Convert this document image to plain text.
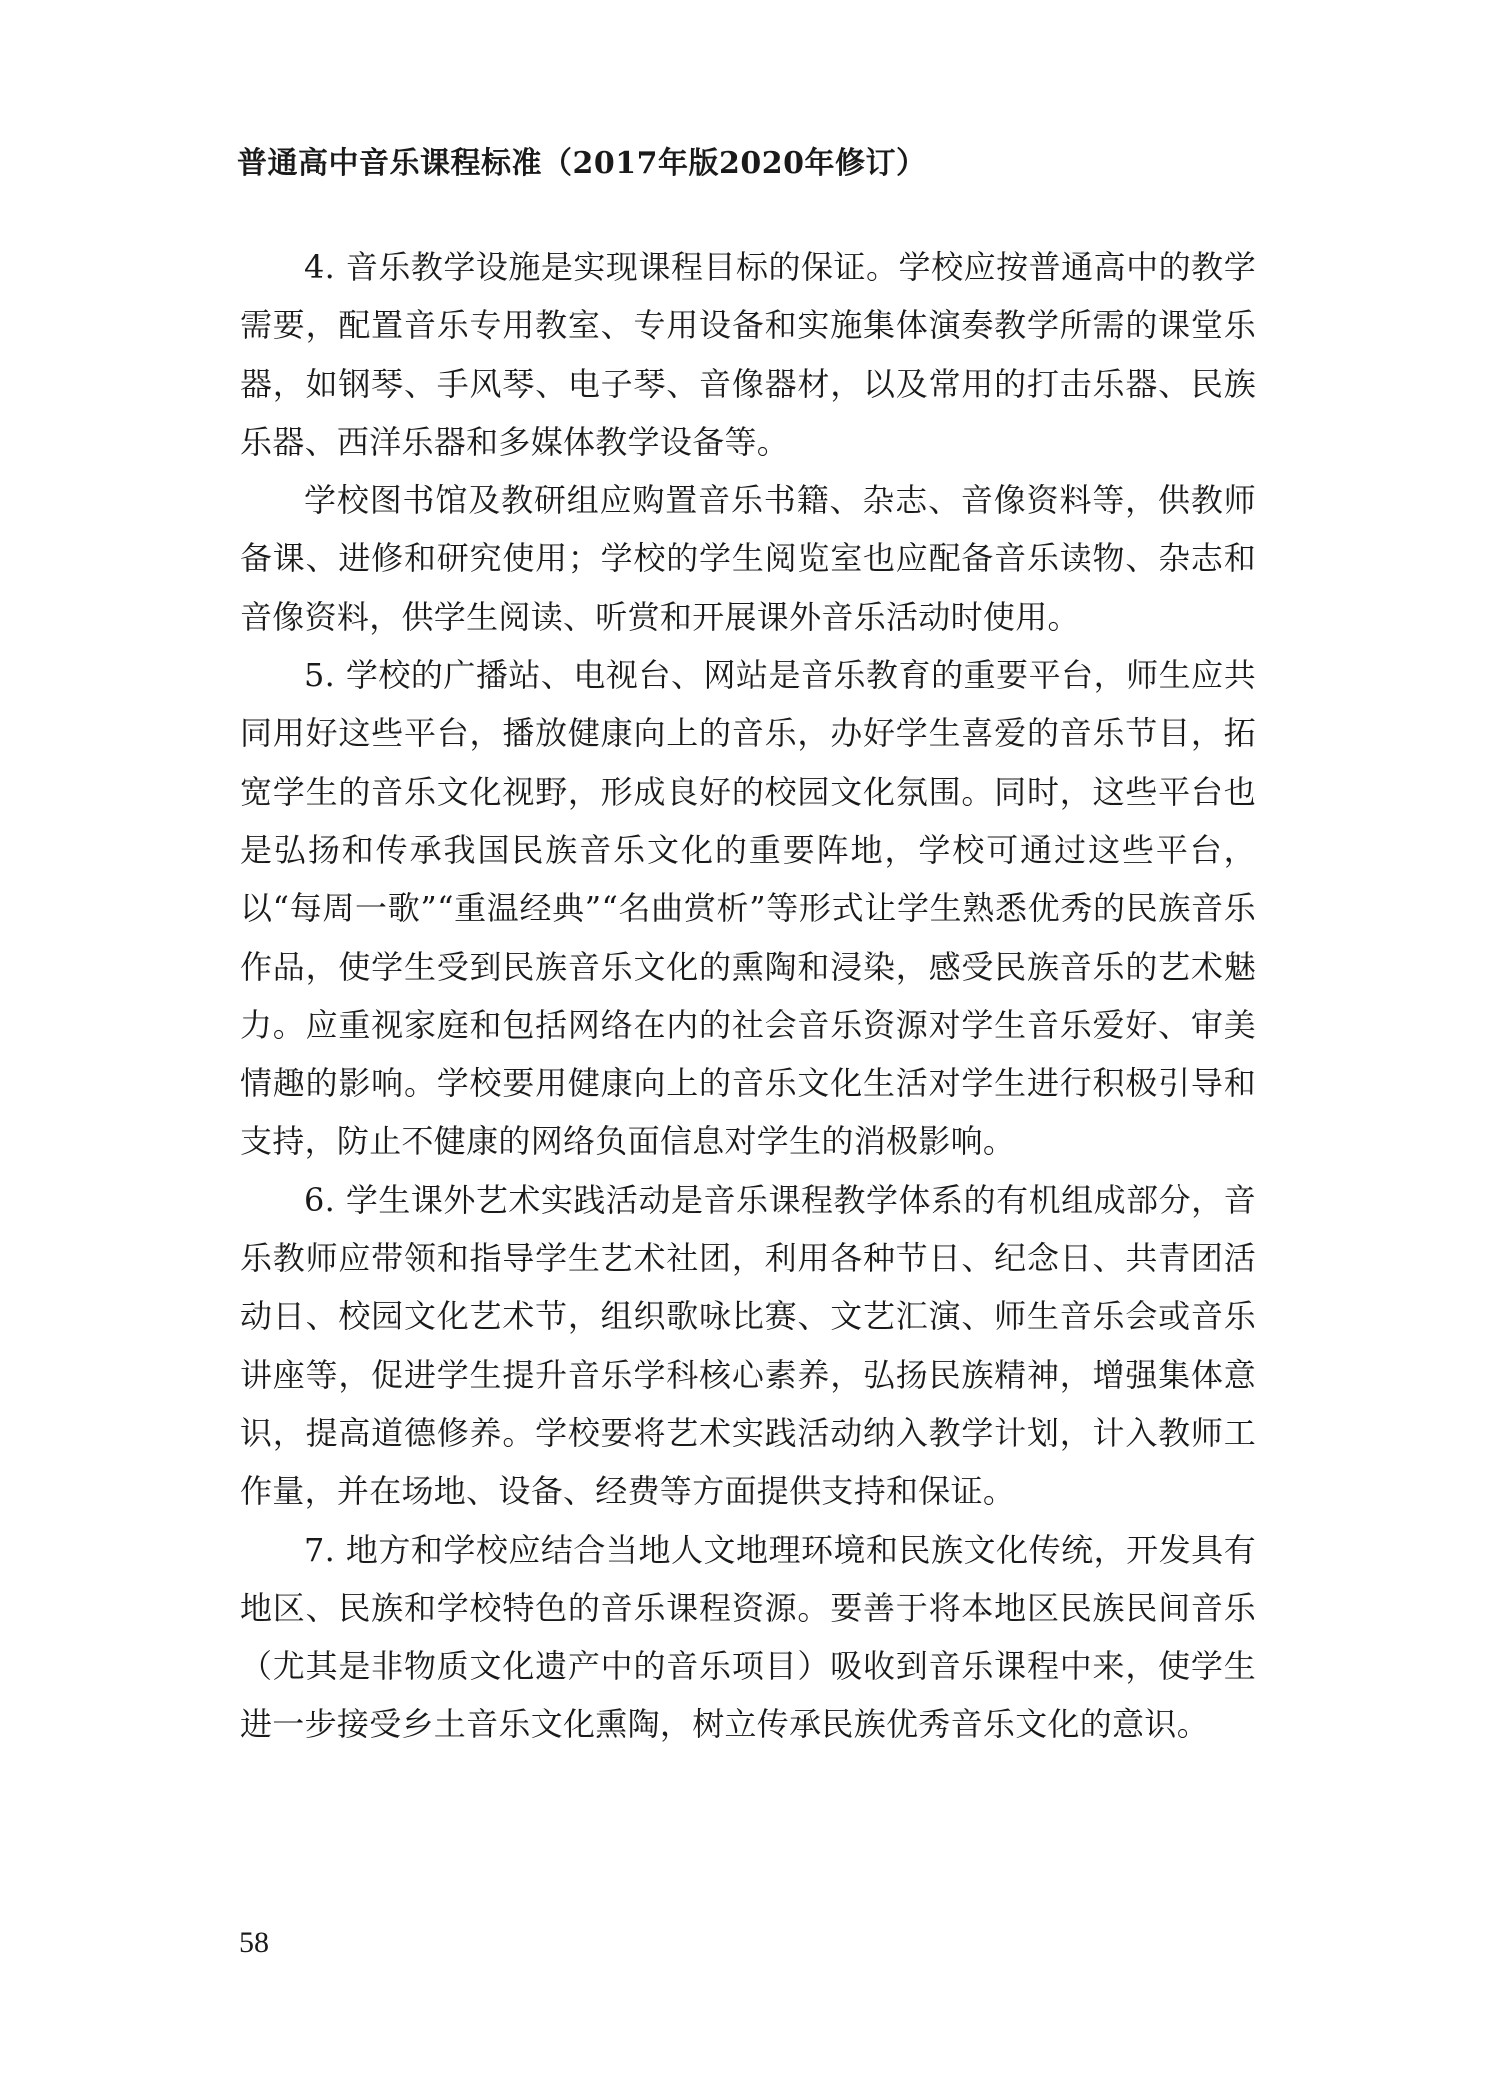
普通高中音乐课程标准（2017年版2020年修订）

4. 音乐教学设施是实现课程目标的保证。学校应按普通高中的教学需要，配置音乐专用教室、专用设备和实施集体演奏教学所需的课堂乐器，如钢琴、手风琴、电子琴、音像器材，以及常用的打击乐器、民族乐器、西洋乐器和多媒体教学设备等。

学校图书馆及教研组应购置音乐书籍、杂志、音像资料等，供教师备课、进修和研究使用；学校的学生阅览室也应配备音乐读物、杂志和音像资料，供学生阅读、听赏和开展课外音乐活动时使用。

5. 学校的广播站、电视台、网站是音乐教育的重要平台，师生应共同用好这些平台，播放健康向上的音乐，办好学生喜爱的音乐节目，拓宽学生的音乐文化视野，形成良好的校园文化氛围。同时，这些平台也是弘扬和传承我国民族音乐文化的重要阵地，学校可通过这些平台，以“每周一歌”“重温经典”“名曲赏析”等形式让学生熟悉优秀的民族音乐作品，使学生受到民族音乐文化的熏陶和浸染，感受民族音乐的艺术魅力。应重视家庭和包括网络在内的社会音乐资源对学生音乐爱好、审美情趣的影响。学校要用健康向上的音乐文化生活对学生进行积极引导和支持，防止不健康的网络负面信息对学生的消极影响。

6. 学生课外艺术实践活动是音乐课程教学体系的有机组成部分，音乐教师应带领和指导学生艺术社团，利用各种节日、纪念日、共青团活动日、校园文化艺术节，组织歌咏比赛、文艺汇演、师生音乐会或音乐讲座等，促进学生提升音乐学科核心素养，弘扬民族精神，增强集体意识，提高道德修养。学校要将艺术实践活动纳入教学计划，计入教师工作量，并在场地、设备、经费等方面提供支持和保证。

7. 地方和学校应结合当地人文地理环境和民族文化传统，开发具有地区、民族和学校特色的音乐课程资源。要善于将本地区民族民间音乐（尤其是非物质文化遗产中的音乐项目）吸收到音乐课程中来，使学生进一步接受乡土音乐文化熏陶，树立传承民族优秀音乐文化的意识。

58
